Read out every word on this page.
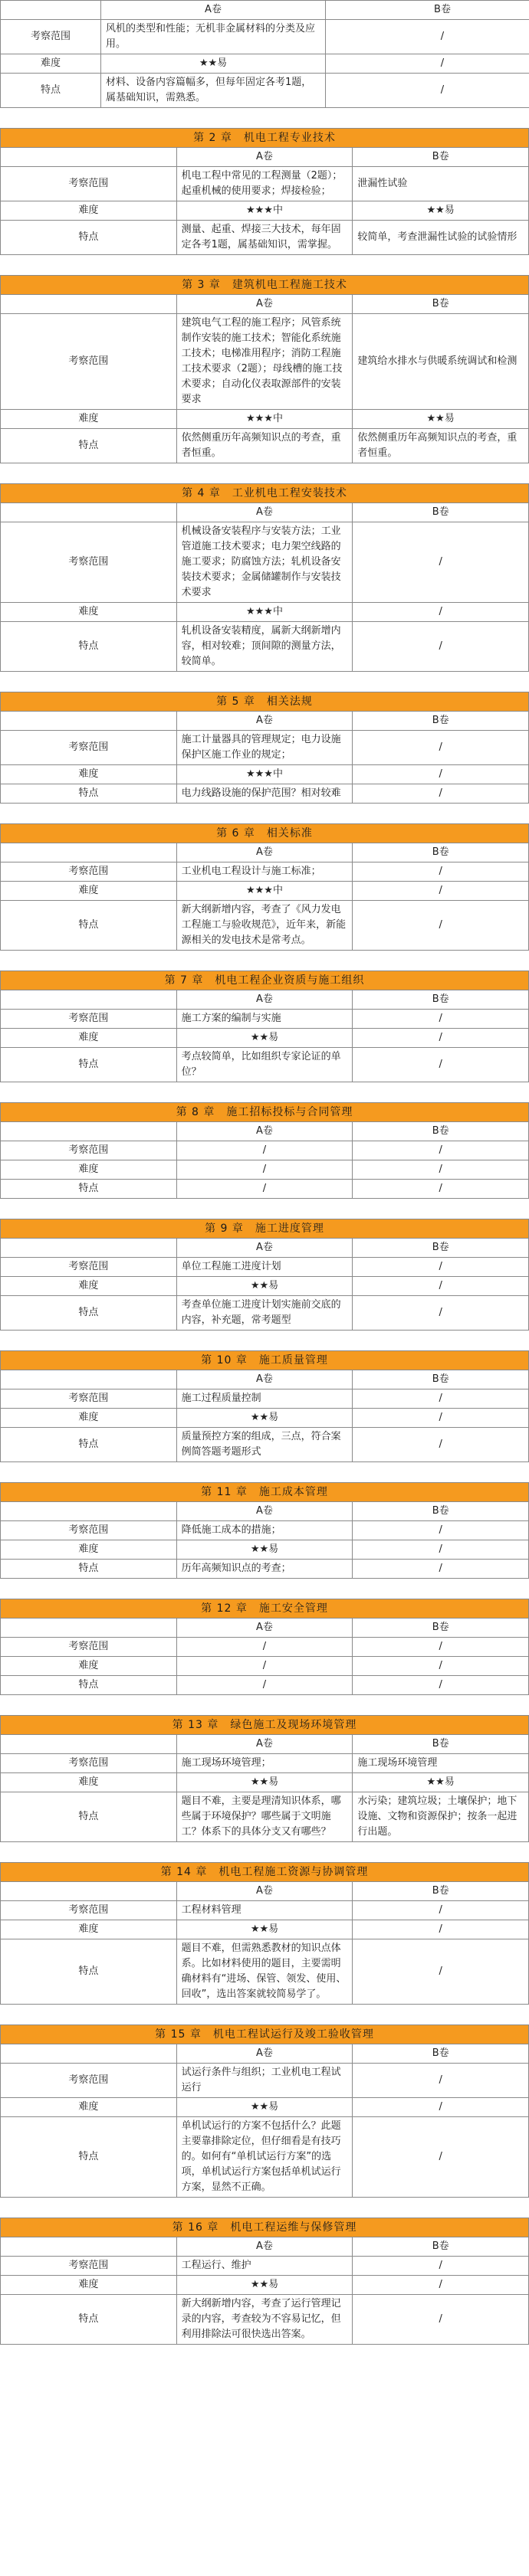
	A卷	B卷
考察范围	风机的类型和性能；无机非金属材料的分类及应用。	/
难度	★★易	/
特点	材料、设备内容篇幅多，但每年固定各考1题，属基础知识，需熟悉。	/
第 2 章　机电工程专业技术		
	A卷	B卷
考察范围	机电工程中常见的工程测量（2题）；起重机械的使用要求；焊接检验；	泄漏性试验
难度	★★★中	★★易
特点	测量、起重、焊接三大技术，每年固定各考1题，属基础知识，需掌握。	较简单，考查泄漏性试验的试验情形
第 3 章　建筑机电工程施工技术		
	A卷	B卷
考察范围	建筑电气工程的施工程序；风管系统制作安装的施工技术；智能化系统施工技术；电梯准用程序；消防工程施工技术要求（2题）；母线槽的施工技术要求；自动化仪表取源部件的安装要求	建筑给水排水与供暖系统调试和检测
难度	★★★中	★★易
特点	依然侧重历年高频知识点的考查，重者恒重。	依然侧重历年高频知识点的考查，重者恒重。
第 4 章　工业机电工程安装技术		
	A卷	B卷
考察范围	机械设备安装程序与安装方法；工业管道施工技术要求；电力架空线路的施工要求；防腐蚀方法；轧机设备安装技术要求；金属储罐制作与安装技术要求	/
难度	★★★中	/
特点	轧机设备安装精度，属新大纲新增内容，相对较难；顶间隙的测量方法，较简单。	/
第 5 章　相关法规		
	A卷	B卷
考察范围	施工计量器具的管理规定；电力设施保护区施工作业的规定；	/
难度	★★★中	/
特点	电力线路设施的保护范围？相对较难	/
第 6 章　相关标准		
	A卷	B卷
考察范围	工业机电工程设计与施工标准；	/
难度	★★★中	/
特点	新大纲新增内容，考查了《风力发电工程施工与验收规范》，近年来，新能源相关的发电技术是常考点。	/
第 7 章　机电工程企业资质与施工组织		
	A卷	B卷
考察范围	施工方案的编制与实施	/
难度	★★易	/
特点	考点较简单，比如组织专家论证的单位？	/
第 8 章　施工招标投标与合同管理		
	A卷	B卷
考察范围	/	/
难度	/	/
特点	/	/
第 9 章　施工进度管理		
	A卷	B卷
考察范围	单位工程施工进度计划	/
难度	★★易	/
特点	考查单位施工进度计划实施前交底的内容，补充题，常考题型	/
第 10 章　施工质量管理		
	A卷	B卷
考察范围	施工过程质量控制	/
难度	★★易	/
特点	质量预控方案的组成，三点，符合案例简答题考题形式	/
第 11 章　施工成本管理		
	A卷	B卷
考察范围	降低施工成本的措施；	/
难度	★★易	/
特点	历年高频知识点的考查；	/
第 12 章　施工安全管理		
	A卷	B卷
考察范围	/	/
难度	/	/
特点	/	/
第 13 章　绿色施工及现场环境管理		
	A卷	B卷
考察范围	施工现场环境管理；	施工现场环境管理
难度	★★易	★★易
特点	题目不难，主要是理清知识体系，哪些属于环境保护？哪些属于文明施工？体系下的具体分支又有哪些？	水污染；建筑垃圾；土壤保护；地下设施、文物和资源保护；按条一起进行出题。
第 14 章　机电工程施工资源与协调管理		
	A卷	B卷
考察范围	工程材料管理	/
难度	★★易	/
特点	题目不难，但需熟悉教材的知识点体系。比如材料使用的题目，主要需明确材料有“进场、保管、领发、使用、回收”，选出答案就较简易学了。	/
第 15 章　机电工程试运行及竣工验收管理		
	A卷	B卷
考察范围	试运行条件与组织；工业机电工程试运行	/
难度	★★易	/
特点	单机试运行的方案不包括什么？此题主要靠排除定位，但仔细看是有技巧的。如何有“单机试运行方案”的选项，单机试运行方案包括单机试运行方案，显然不正确。	/
第 16 章　机电工程运维与保修管理		
	A卷	B卷
考察范围	工程运行、维护	/
难度	★★易	/
特点	新大纲新增内容，考查了运行管理记录的内容，考查较为不容易记忆，但利用排除法可很快选出答案。	/
